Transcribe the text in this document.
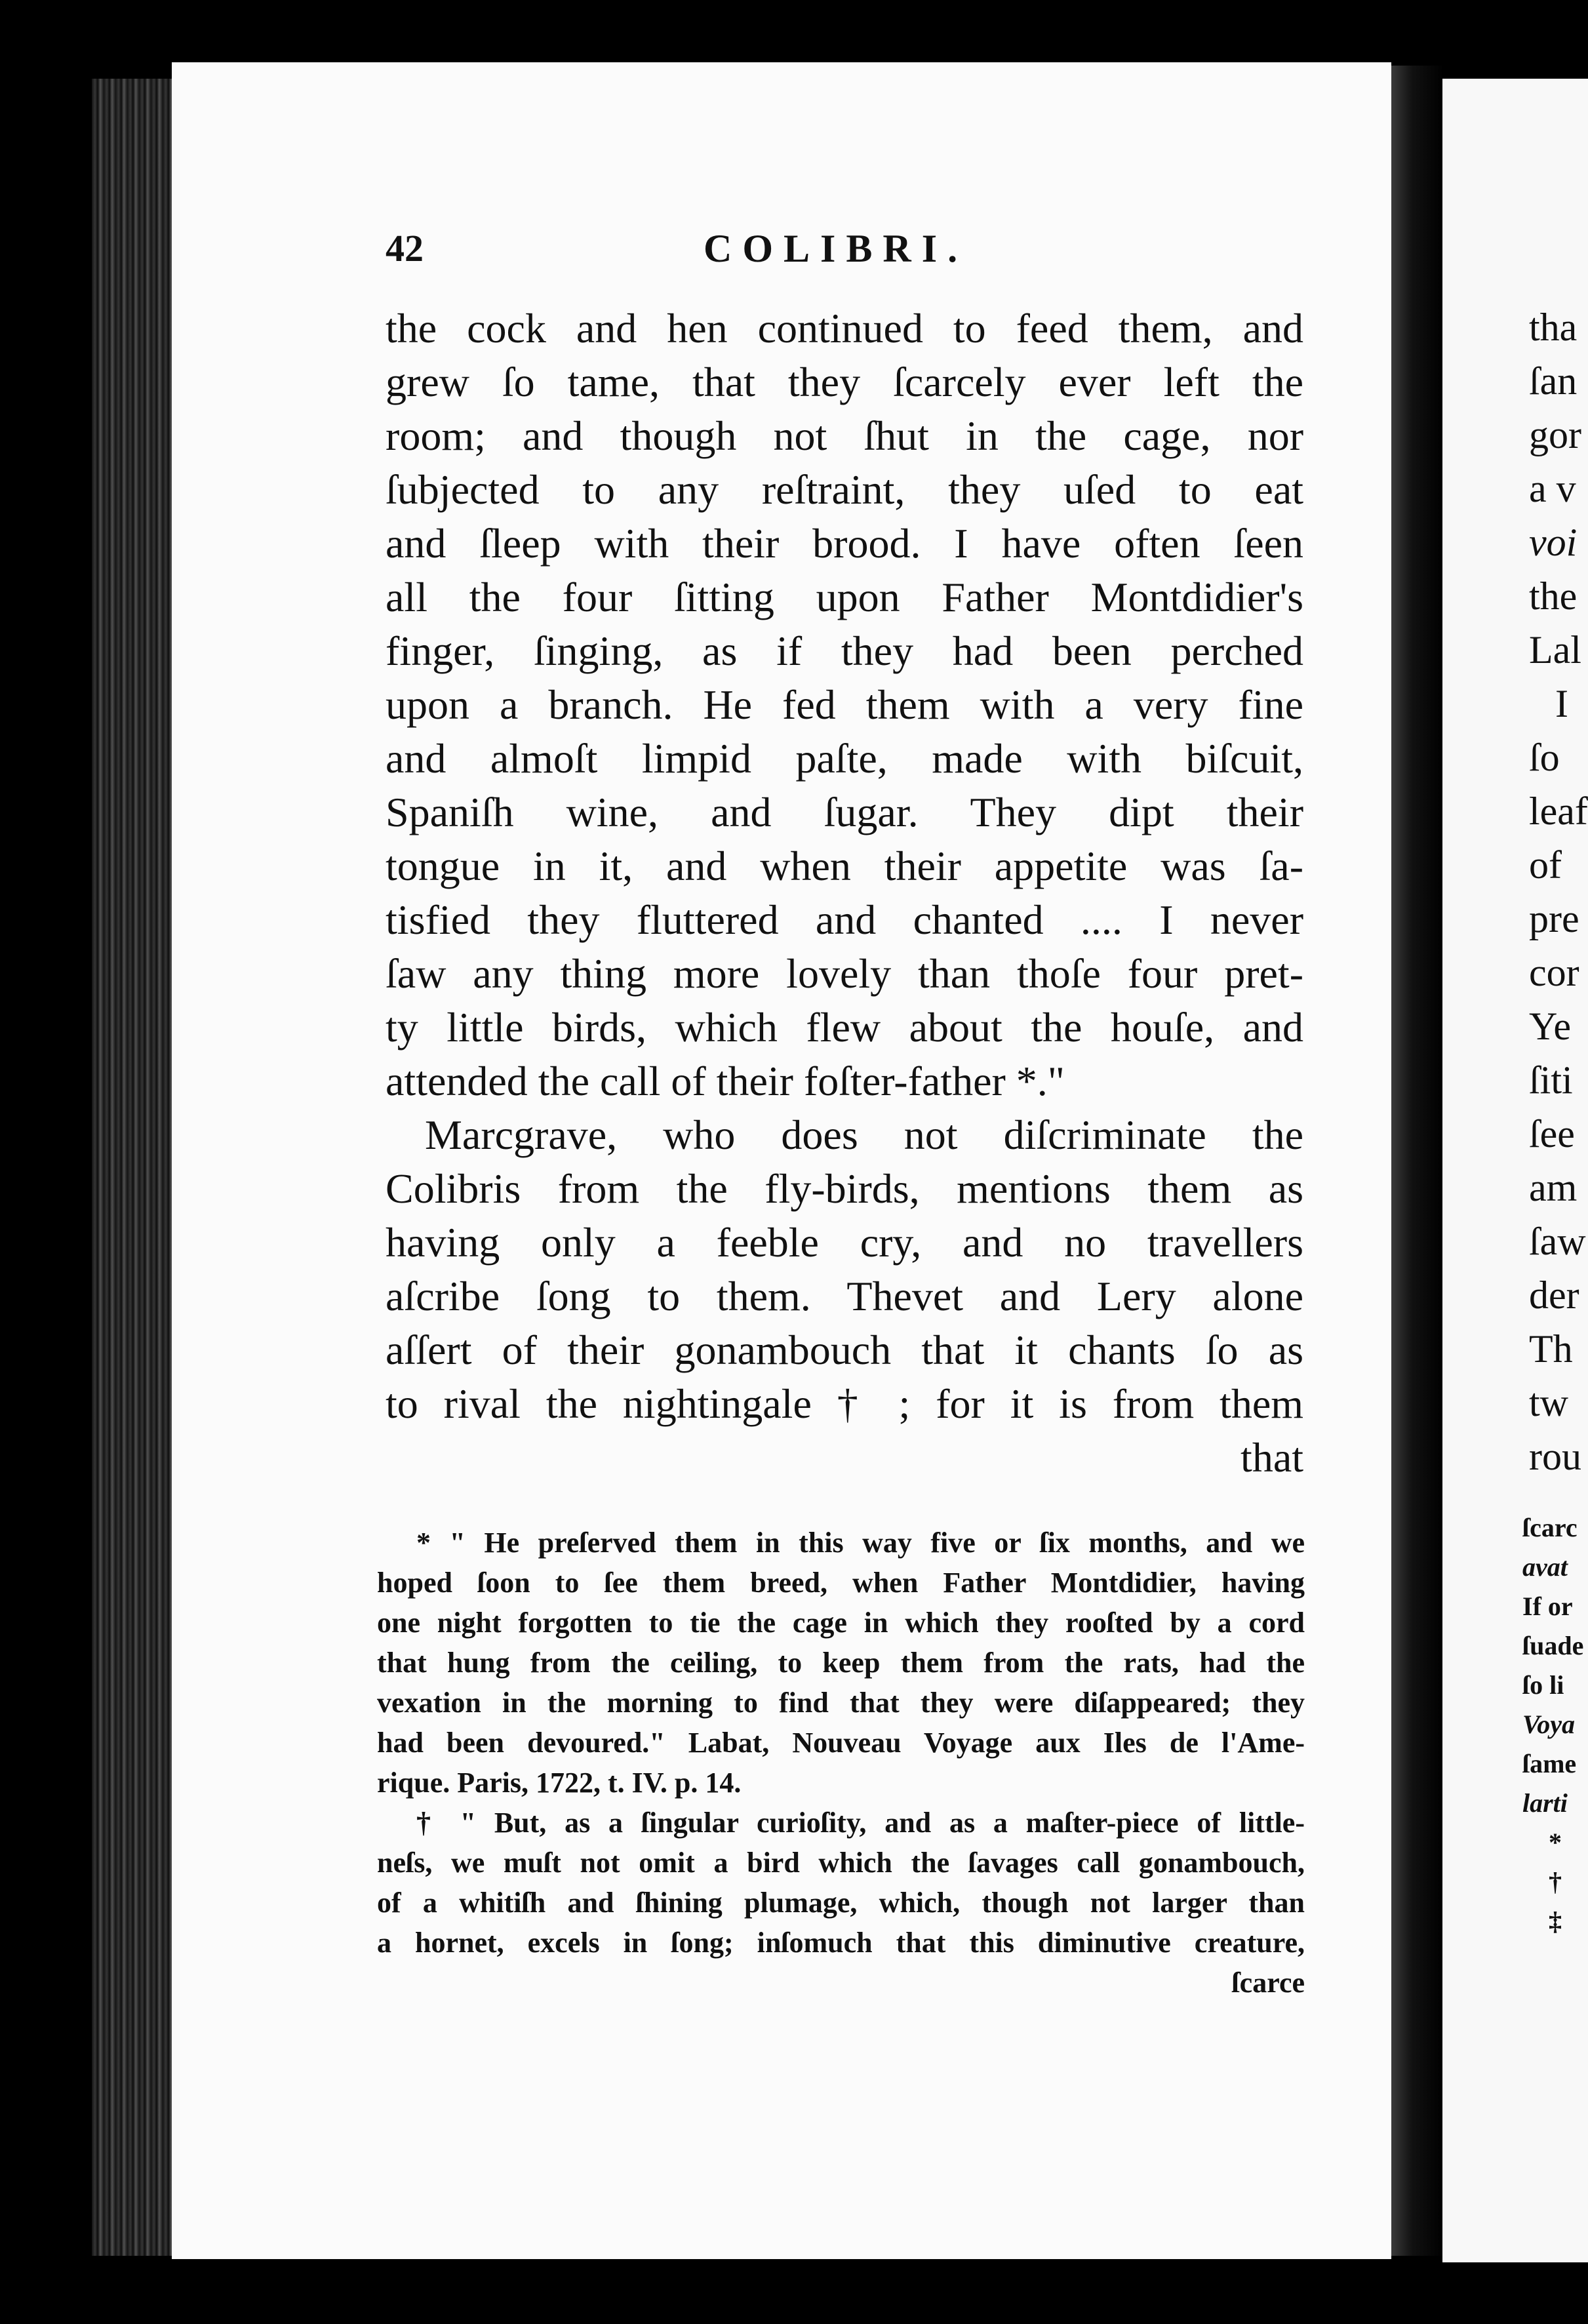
42	COLIBRI.
the cock and hen continued to feed them, and
grew ſo tame, that they ſcarcely ever left the
room; and though not ſhut in the cage, nor
ſubjected to any reſtraint, they uſed to eat
and ſleep with their brood. I have often ſeen
all the four ſitting upon Father Montdidier's
finger, ſinging, as if they had been perched
upon a branch. He fed them with a very fine
and almoſt limpid paſte, made with biſcuit,
Spaniſh wine, and ſugar. They dipt their
tongue in it, and when their appetite was ſa-
tisfied they fluttered and chanted .... I never
ſaw any thing more lovely than thoſe four pret-
ty little birds, which flew about the houſe, and
attended the call of their foſter-father *."
Marcgrave, who does not diſcriminate the
Colibris from the fly-birds, mentions them as
having only a feeble cry, and no travellers
aſcribe ſong to them. Thevet and Lery alone
aſſert of their gonambouch that it chants ſo as
to rival the nightingale † ; for it is from them
that
* " He preſerved them in this way five or ſix months, and we
hoped ſoon to ſee them breed, when Father Montdidier, having
one night forgotten to tie the cage in which they rooſted by a cord
that hung from the ceiling, to keep them from the rats, had the
vexation in the morning to find that they were diſappeared; they
had been devoured." Labat, Nouveau Voyage aux Iles de l'Ame-
rique. Paris, 1722, t. IV. p. 14.
† " But, as a ſingular curioſity, and as a maſter-piece of little-
neſs, we muſt not omit a bird which the ſavages call gonambouch,
of a whitiſh and ſhining plumage, which, though not larger than
a hornet, excels in ſong; inſomuch that this diminutive creature,
ſcarce
tha
ſan
gor
a v
voi
the
Lal
I
ſo
leaf
of
pre
cor
Ye
ſiti
ſee
am
ſaw
der
Th
tw
rou
ſcarc
avat
If or
ſuade
ſo li
Voya
ſame
larti
*
†
‡
